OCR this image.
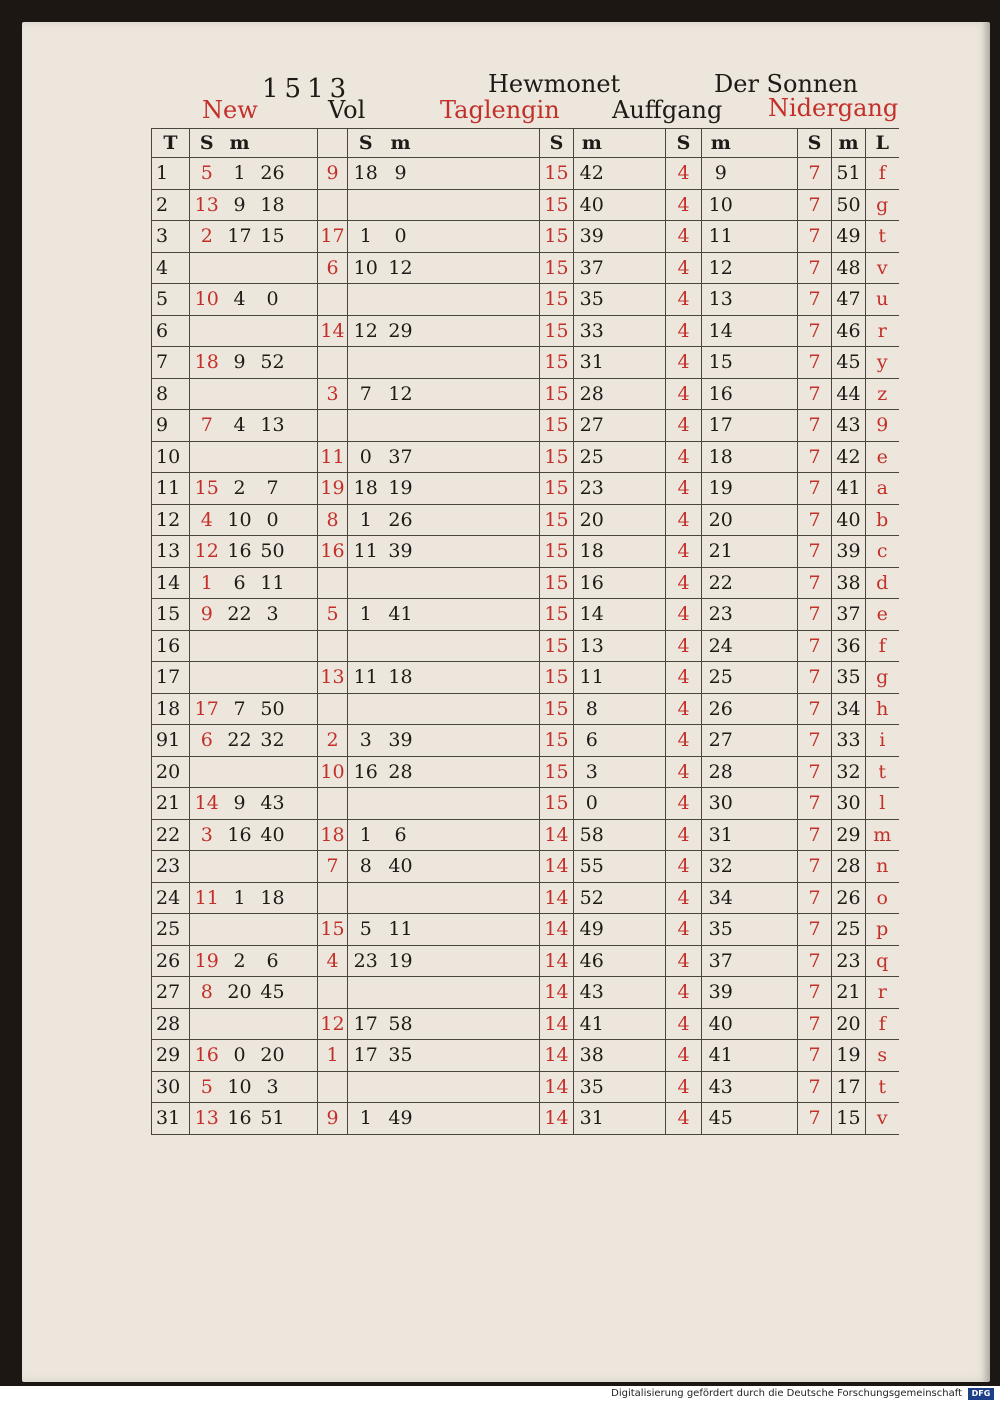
1513	Hewmonet	Der Sonnen
New	Vol	Taglengin Auffgang Nidergang
T	S	m				S	m			S	m		S	m		S	m	L
1	5	1	26		9	18	9			15	42		4	9		7	51	f
2	13	9	18							15	40		4	10		7	50	g
3	2	17	15		17	1	0			15	39		4	11		7	49	t
4					6	10	12			15	37		4	12		7	48	v
5	10	4	0							15	35		4	13		7	47	u
6					14	12	29			15	33		4	14		7	46	r
7	18	9	52							15	31		4	15		7	45	y
8					3	7	12			15	28		4	16		7	44	z
9	7	4	13							15	27		4	17		7	43	9
10					11	0	37			15	25		4	18		7	42	e
11	15	2	7		19	18	19			15	23		4	19		7	41	a
12	4	10	0		8	1	26			15	20		4	20		7	40	b
13	12	16	50		16	11	39			15	18		4	21		7	39	c
14	1	6	11							15	16		4	22		7	38	d
15	9	22	3		5	1	41			15	14		4	23		7	37	e
16										15	13		4	24		7	36	f
17					13	11	18			15	11		4	25		7	35	g
18	17	7	50							15	8		4	26		7	34	h
91	6	22	32		2	3	39			15	6		4	27		7	33	i
20					10	16	28			15	3		4	28		7	32	t
21	14	9	43							15	0		4	30		7	30	l
22	3	16	40		18	1	6			14	58		4	31		7	29	m
23					7	8	40			14	55		4	32		7	28	n
24	11	1	18							14	52		4	34		7	26	o
25					15	5	11			14	49		4	35		7	25	p
26	19	2	6		4	23	19			14	46		4	37		7	23	q
27	8	20	45							14	43		4	39		7	21	r
28					12	17	58			14	41		4	40		7	20	f
29	16	0	20		1	17	35			14	38		4	41		7	19	s
30	5	10	3							14	35		4	43		7	17	t
31	13	16	51		9	1	49			14	31		4	45		7	15	v
Digitalisierung gefördert durch die Deutsche Forschungsgemeinschaft	DFG
